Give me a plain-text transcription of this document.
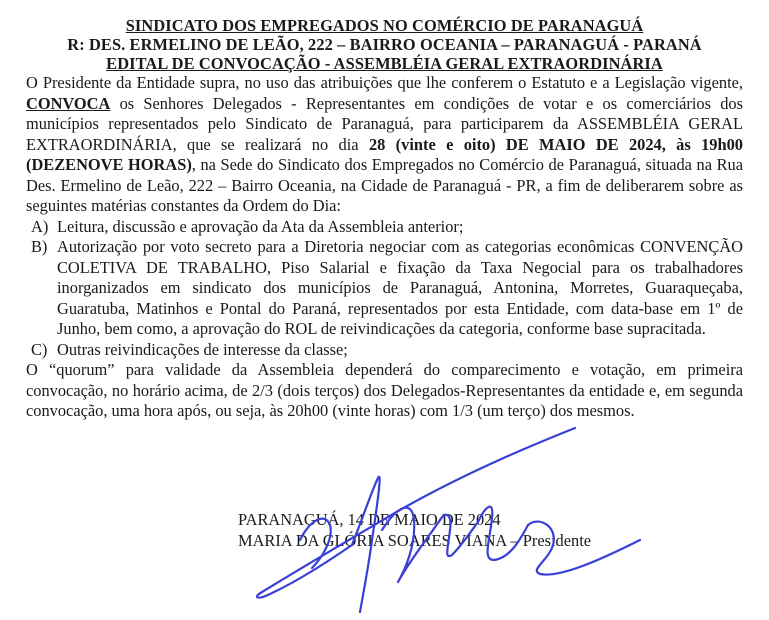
SINDICATO DOS EMPREGADOS NO COMÉRCIO DE PARANAGUÁ
R: DES. ERMELINO DE LEÃO, 222 – BAIRRO OCEANIA – PARANAGUÁ - PARANÁ
EDITAL DE CONVOCAÇÃO - ASSEMBLÉIA GERAL EXTRAORDINÁRIA
O Presidente da Entidade supra, no uso das atribuições que lhe conferem o Estatuto e a Legislação vigente, CONVOCA os Senhores Delegados - Representantes em condições de votar e os comerciários dos municípios representados pelo Sindicato de Paranaguá, para participarem da ASSEMBLÉIA GERAL EXTRAORDINÁRIA, que se realizará no dia 28 (vinte e oito) DE MAIO DE 2024, às 19h00 (DEZENOVE HORAS), na Sede do Sindicato dos Empregados no Comércio de Paranaguá, situada na Rua Des. Ermelino de Leão, 222 – Bairro Oceania, na Cidade de Paranaguá - PR, a fim de deliberarem sobre as seguintes matérias constantes da Ordem do Dia:
A) Leitura, discussão e aprovação da Ata da Assembleia anterior;
B) Autorização por voto secreto para a Diretoria negociar com as categorias econômicas CONVENÇÃO COLETIVA DE TRABALHO, Piso Salarial e fixação da Taxa Negocial para os trabalhadores inorganizados em sindicato dos municípios de Paranaguá, Antonina, Morretes, Guaraqueçaba, Guaratuba, Matinhos e Pontal do Paraná, representados por esta Entidade, com data-base em 1º de Junho, bem como, a aprovação do ROL de reivindicações da categoria, conforme base supracitada.
C) Outras reivindicações de interesse da classe;
O “quorum” para validade da Assembleia dependerá do comparecimento e votação, em primeira convocação, no horário acima, de 2/3 (dois terços) dos Delegados-Representantes da entidade e, em segunda convocação, uma hora após, ou seja, às 20h00 (vinte horas) com 1/3 (um terço) dos mesmos.
PARANAGUÁ, 14 DE MAIO DE 2024
MARIA DA GLÓRIA SOARES VIANA – Presidente
